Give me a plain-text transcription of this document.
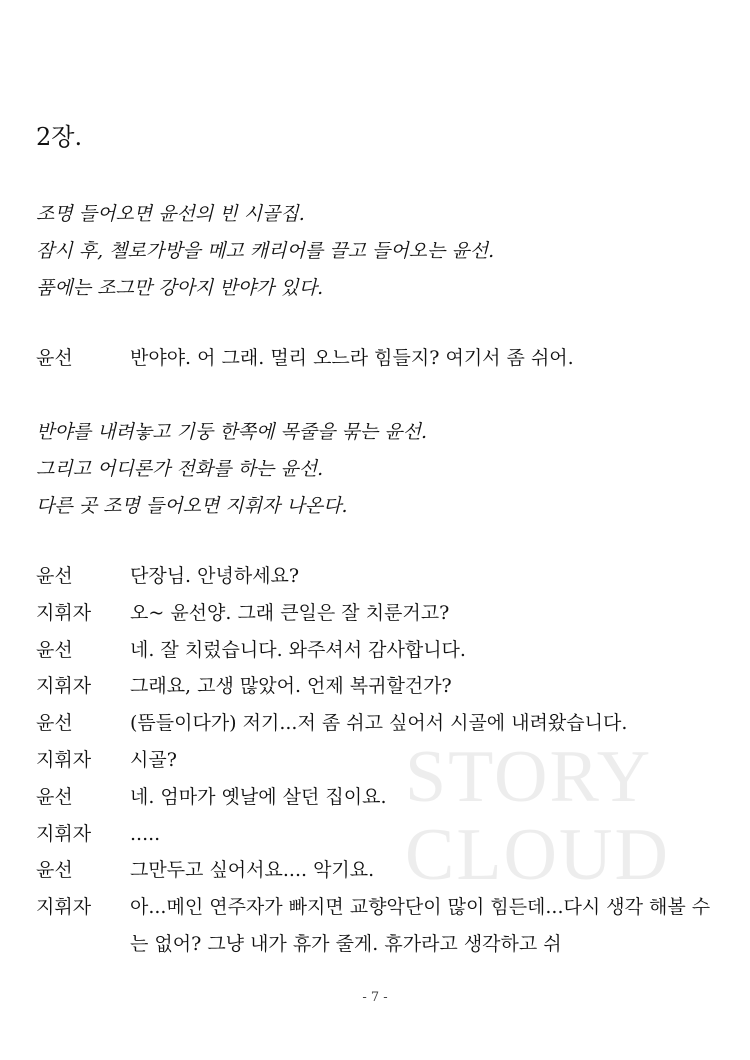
STORY
CLOUD
2장.

조명 들어오면 윤선의 빈 시골집.

잠시 후, 첼로가방을 메고 캐리어를 끌고 들어오는 윤선.

품에는 조그만 강아지 반야가 있다.

윤선	반야야. 어 그래. 멀리 오느라 힘들지? 여기서 좀 쉬어.

반야를 내려놓고 기둥 한쪽에 목줄을 묶는 윤선.

그리고 어디론가 전화를 하는 윤선.

다른 곳 조명 들어오면 지휘자 나온다.

윤선	단장님. 안녕하세요?
지휘자	오~ 윤선양. 그래 큰일은 잘 치룬거고?
윤선	네. 잘 치렀습니다. 와주셔서 감사합니다.
지휘자	그래요, 고생 많았어. 언제 복귀할건가?
윤선	(뜸들이다가) 저기...저 좀 쉬고 싶어서 시골에 내려왔습니다.
지휘자	시골?
윤선	네. 엄마가 옛날에 살던 집이요.
지휘자	.....
윤선	그만두고 싶어서요.... 악기요.
지휘자	아...메인 연주자가 빠지면 교향악단이 많이 힘든데...다시 생각 해볼 수는 없어? 그냥 내가 휴가 줄게. 휴가라고 생각하고 쉬
- 7 -
